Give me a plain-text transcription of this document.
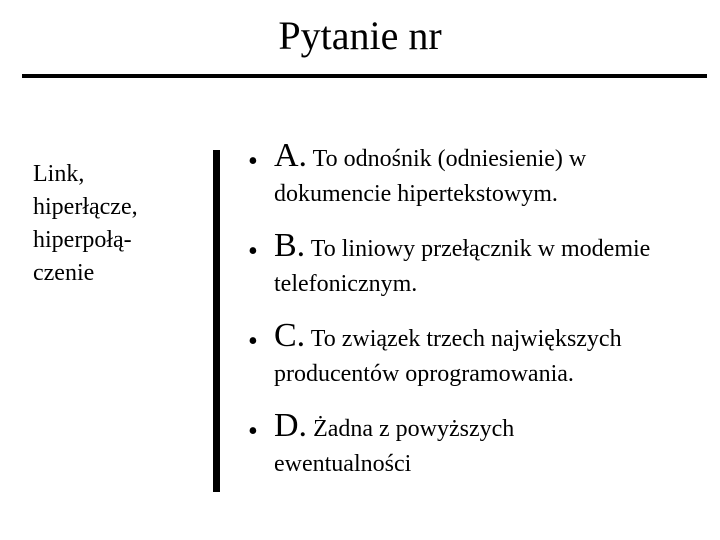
Pytanie nr
Link,
hiperłącze,
hiperpołą-
czenie
• A. To odnośnik (odniesienie) w
dokumencie hipertekstowym.
• B. To liniowy przełącznik w modemie
telefonicznym.
• C. To związek trzech największych
producentów oprogramowania.
• D. Żadna z powyższych
ewentualności
